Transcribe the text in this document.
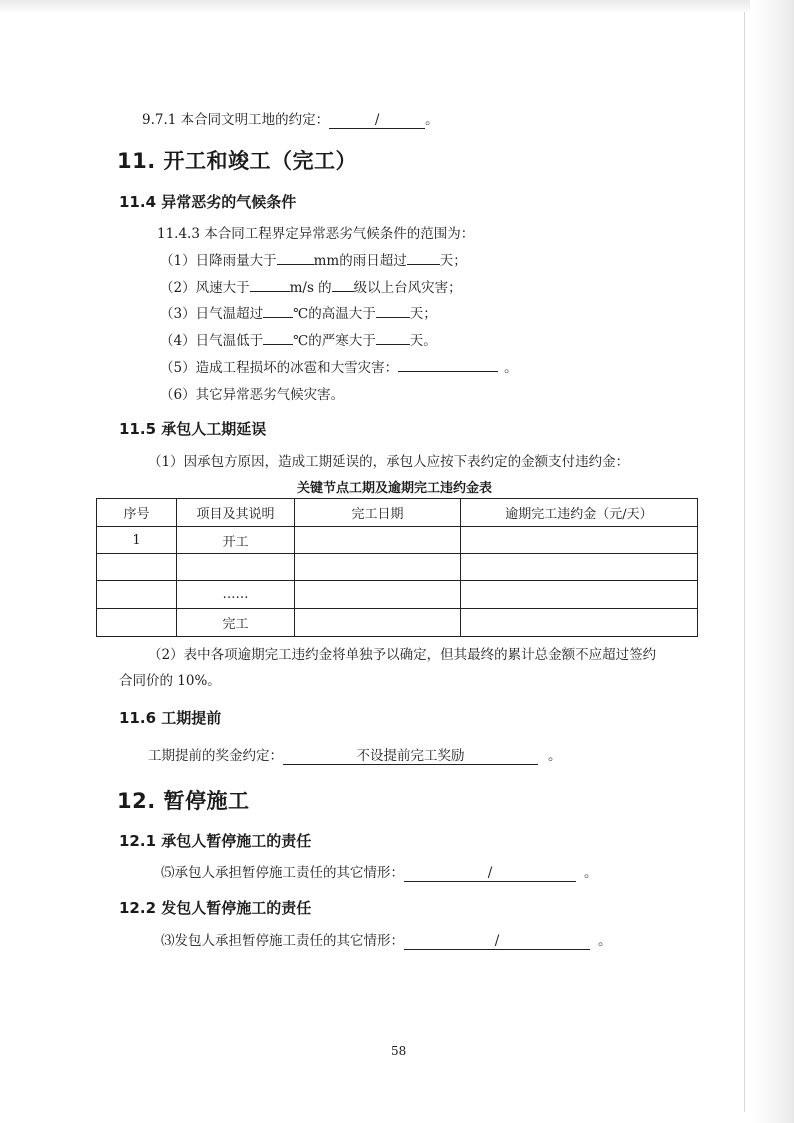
9.7.1 本合同文明工地的约定：	/	。
11. 开工和竣工（完工）
11.4 异常恶劣的气候条件
11.4.3 本合同工程界定异常恶劣气候条件的范围为：
（1）日降雨量大于	mm的雨日超过 天；
（2）风速大于	m/s 的 级以上台风灾害；
（3）日气温超过 ℃的高温大于	天；
（4）日气温低于 ℃的严寒大于	天。
（5）造成工程损坏的冰雹和大雪灾害：	。
（6）其它异常恶劣气候灾害。
11.5 承包人工期延误
（1）因承包方原因，造成工期延误的，承包人应按下表约定的金额支付违约金：
关键节点工期及逾期完工违约金表
序号	项目及其说明	完工日期	逾期完工违约金（元/天）
1	开工		

	……		
	完工		
（2）表中各项逾期完工违约金将单独予以确定，但其最终的累计总金额不应超过签约
合同价的 10%。
11.6 工期提前
工期提前的奖金约定：	不设提前完工奖励	。
12. 暂停施工
12.1 承包人暂停施工的责任
⑸承包人承担暂停施工责任的其它情形：	/	。
12.2 发包人暂停施工的责任
⑶发包人承担暂停施工责任的其它情形：	/	。
58
